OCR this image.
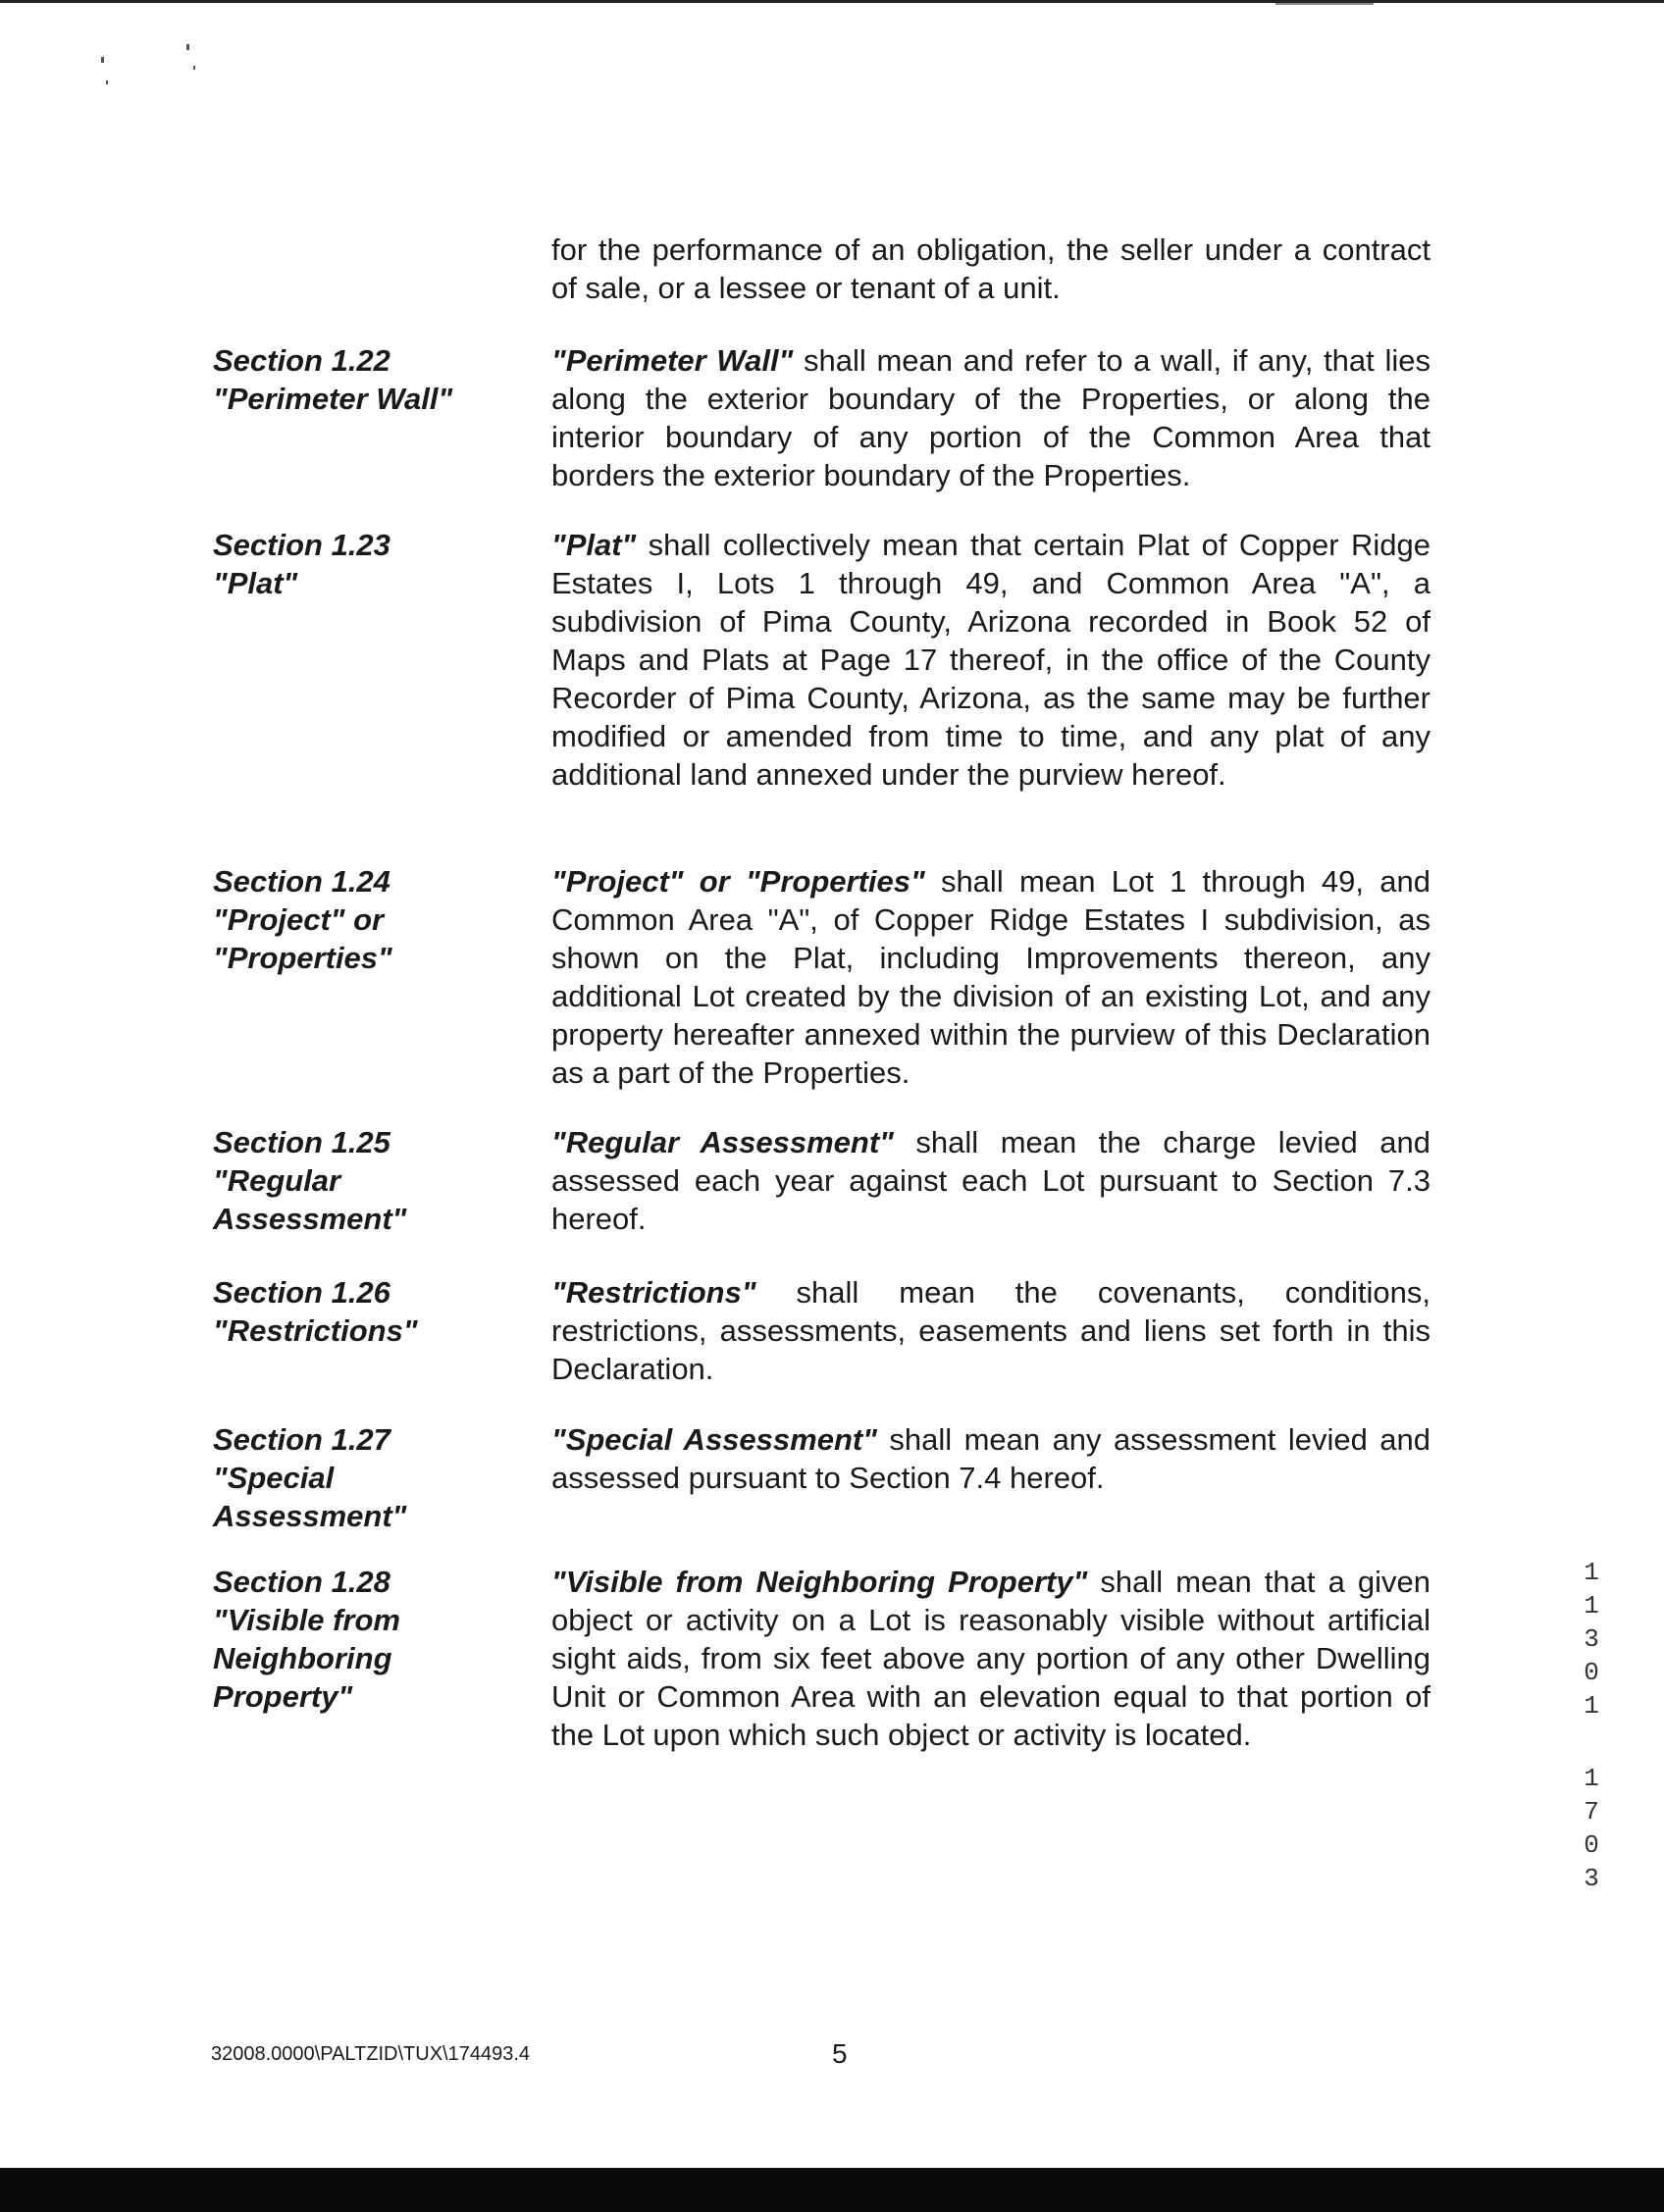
for the performance of an obligation, the seller under a contract of sale, or a lessee or tenant of a unit.
Section 1.22
"Perimeter Wall"
"Perimeter Wall" shall mean and refer to a wall, if any, that lies along the exterior boundary of the Properties, or along the interior boundary of any portion of the Common Area that borders the exterior boundary of the Properties.
Section 1.23
"Plat"
"Plat" shall collectively mean that certain Plat of Copper Ridge Estates I, Lots 1 through 49, and Common Area "A", a subdivision of Pima County, Arizona recorded in Book 52 of Maps and Plats at Page 17 thereof, in the office of the County Recorder of Pima County, Arizona, as the same may be further modified or amended from time to time, and any plat of any additional land annexed under the purview hereof.
Section 1.24
"Project" or
"Properties"
"Project" or "Properties" shall mean Lot 1 through 49, and Common Area "A", of Copper Ridge Estates I subdivision, as shown on the Plat, including Improvements thereon, any additional Lot created by the division of an existing Lot, and any property hereafter annexed within the purview of this Declaration as a part of the Properties.
Section 1.25
"Regular
Assessment"
"Regular Assessment" shall mean the charge levied and assessed each year against each Lot pursuant to Section 7.3 hereof.
Section 1.26
"Restrictions"
"Restrictions" shall mean the covenants, conditions, restrictions, assessments, easements and liens set forth in this Declaration.
Section 1.27
"Special
Assessment"
"Special Assessment" shall mean any assessment levied and assessed pursuant to Section 7.4 hereof.
Section 1.28
"Visible from
Neighboring
Property"
"Visible from Neighboring Property" shall mean that a given object or activity on a Lot is reasonably visible without artificial sight aids, from six feet above any portion of any other Dwelling Unit or Common Area with an elevation equal to that portion of the Lot upon which such object or activity is located.
1
1
3
0
1
1
7
0
3
32008.0000\PALTZID\TUX\174493.4	5
